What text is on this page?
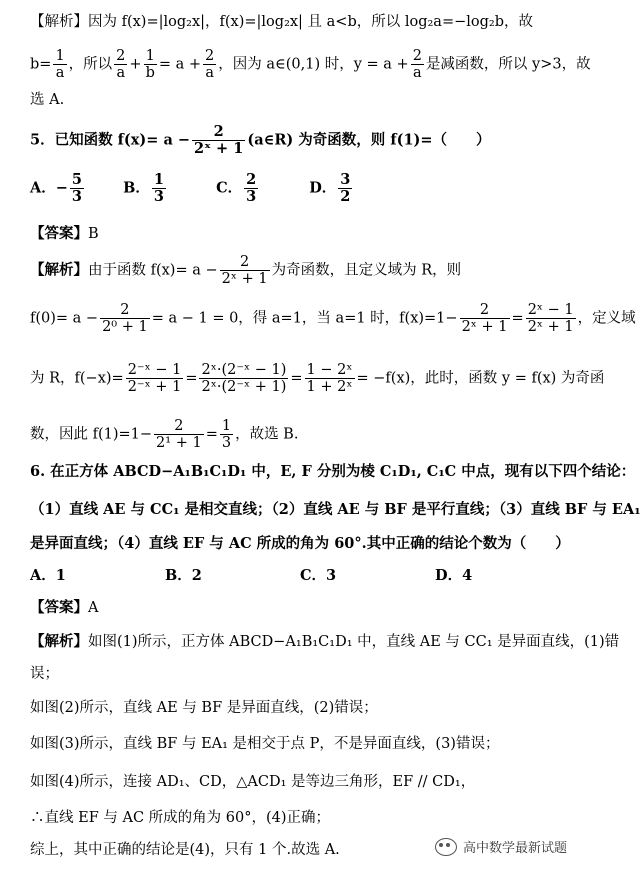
【解析】因为 f(x)=|log₂x|，f(x)=|log₂x| 且 a<b，所以 log₂a=−log₂b，故
$b= \frac{1}{a}$ ，所以 $\frac{2}{a} + \frac{1}{b} = a + \frac{2}{a}$ ，因为 a∈(0,1) 时，$y = a + \frac{2}{a}$ 是减函数，所以 y>3，故
选 A.
5．已知函数 $f(x)= a - \frac{2}{\text{2ˣ + 1}}$ (a∈R) 为奇函数，则 f(1)=（　　）
A．− $\frac{5}{3}$	B． $\frac{1}{3}$	C． $\frac{2}{3}$	D． $\frac{3}{2}$
【答案】B
【解析】由于函数 $f(x)= a - \frac{2}{\text{2ˣ + 1}}$ 为奇函数，且定义域为 R，则
$f(0)= a - \frac{2}{\text{2⁰ + 1}} = a - 1 = 0$，得 a=1，当 a=1 时，$f(x)=1- \frac{2}{\text{2ˣ + 1}} = \frac{\text{2ˣ − 1}}{\text{2ˣ + 1}}$ ，定义域
为 R，$f(-x)= \frac{\text{2⁻ˣ − 1}}{\text{2⁻ˣ + 1}} = \frac{\text{2ˣ·(2⁻ˣ − 1)}}{\text{2ˣ·(2⁻ˣ + 1)}} = \frac{\text{1 − 2ˣ}}{\text{1 + 2ˣ}} = -f(x)$，此时，函数 y = f(x) 为奇函
数，因此 $f(1)=1- \frac{2}{\text{2¹ + 1}} = \frac{1}{3}$ ，故选 B.
6. 在正方体 ABCD−A₁B₁C₁D₁ 中，E, F 分别为棱 C₁D₁, C₁C 中点，现有以下四个结论：
（1）直线 AE 与 CC₁ 是相交直线；（2）直线 AE 与 BF 是平行直线；（3）直线 BF 与 EA₁
是异面直线；（4）直线 EF 与 AC 所成的角为 60°.其中正确的结论个数为（　　）
A．1	B．2	C．3	D．4
【答案】A
【解析】如图(1)所示，正方体 ABCD−A₁B₁C₁D₁ 中，直线 AE 与 CC₁ 是异面直线，(1)错
误；
如图(2)所示，直线 AE 与 BF 是异面直线，(2)错误；
如图(3)所示，直线 BF 与 EA₁ 是相交于点 P，不是异面直线，(3)错误；
如图(4)所示，连接 AD₁、CD，△ACD₁ 是等边三角形，EF // CD₁，
∴直线 EF 与 AC 所成的角为 60°，(4)正确；
综上，其中正确的结论是(4)，只有 1 个.故选 A.	高中数学最新试题
